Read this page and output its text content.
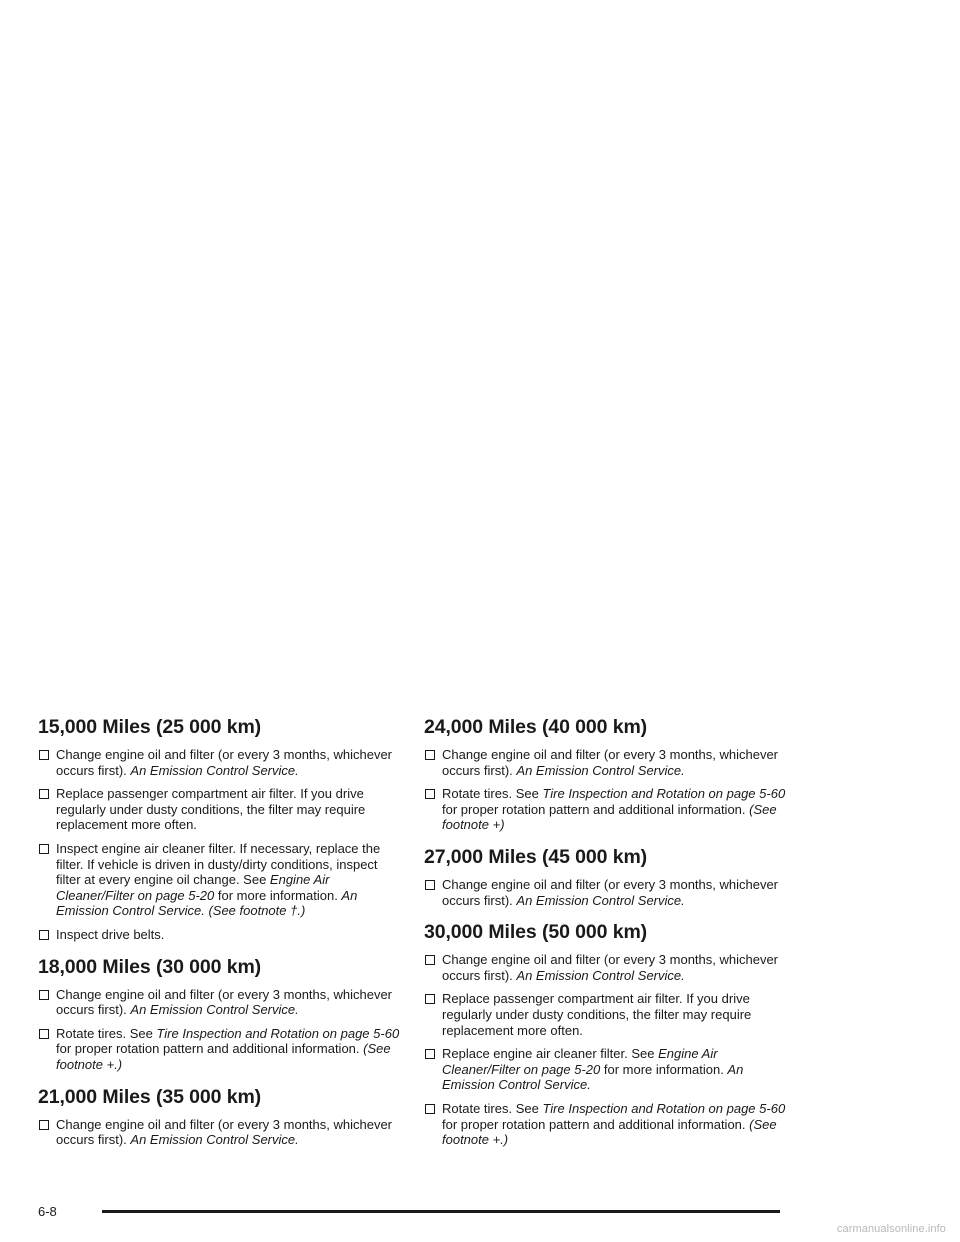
15,000 Miles (25 000 km)
Change engine oil and filter (or every 3 months, whichever occurs first). An Emission Control Service.
Replace passenger compartment air filter. If you drive regularly under dusty conditions, the filter may require replacement more often.
Inspect engine air cleaner filter. If necessary, replace the filter. If vehicle is driven in dusty/dirty conditions, inspect filter at every engine oil change. See Engine Air Cleaner/Filter on page 5-20 for more information. An Emission Control Service. (See footnote †.)
Inspect drive belts.
18,000 Miles (30 000 km)
Change engine oil and filter (or every 3 months, whichever occurs first). An Emission Control Service.
Rotate tires. See Tire Inspection and Rotation on page 5-60 for proper rotation pattern and additional information. (See footnote +.)
21,000 Miles (35 000 km)
Change engine oil and filter (or every 3 months, whichever occurs first). An Emission Control Service.
24,000 Miles (40 000 km)
Change engine oil and filter (or every 3 months, whichever occurs first). An Emission Control Service.
Rotate tires. See Tire Inspection and Rotation on page 5-60 for proper rotation pattern and additional information. (See footnote +)
27,000 Miles (45 000 km)
Change engine oil and filter (or every 3 months, whichever occurs first). An Emission Control Service.
30,000 Miles (50 000 km)
Change engine oil and filter (or every 3 months, whichever occurs first). An Emission Control Service.
Replace passenger compartment air filter. If you drive regularly under dusty conditions, the filter may require replacement more often.
Replace engine air cleaner filter. See Engine Air Cleaner/Filter on page 5-20 for more information. An Emission Control Service.
Rotate tires. See Tire Inspection and Rotation on page 5-60 for proper rotation pattern and additional information. (See footnote +.)
6-8
carmanualsonline.info
